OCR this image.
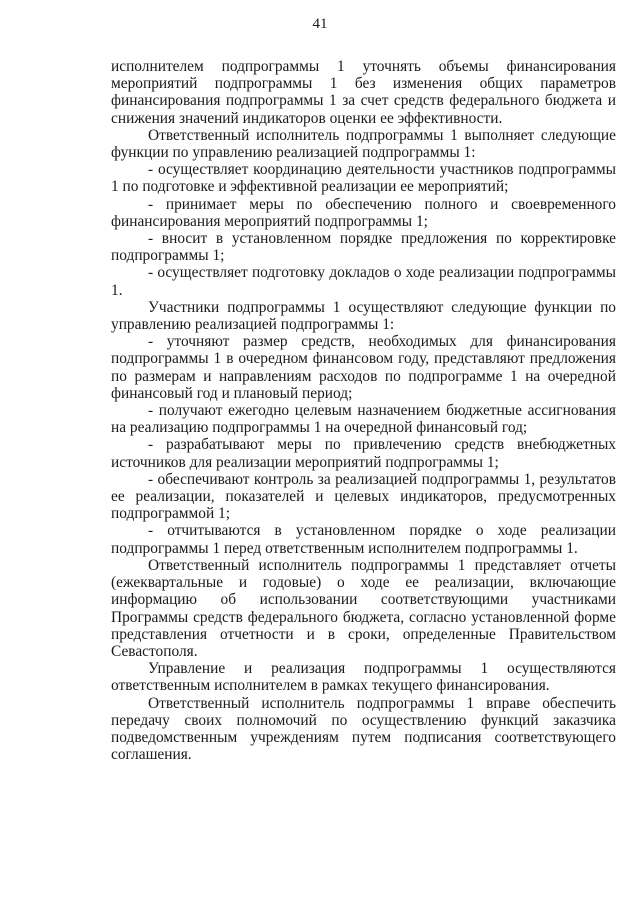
41

исполнителем подпрограммы 1 уточнять объемы финансирования мероприятий подпрограммы 1 без изменения общих параметров финансирования подпрограммы 1 за счет средств федерального бюджета и снижения значений индикаторов оценки ее эффективности.

Ответственный исполнитель подпрограммы 1 выполняет следующие функции по управлению реализацией подпрограммы 1:

- осуществляет координацию деятельности участников подпрограммы 1 по подготовке и эффективной реализации ее мероприятий;

- принимает меры по обеспечению полного и своевременного финансирования мероприятий подпрограммы 1;

- вносит в установленном порядке предложения по корректировке подпрограммы 1;

- осуществляет подготовку докладов о ходе реализации подпрограммы 1.

Участники подпрограммы 1 осуществляют следующие функции по управлению реализацией подпрограммы 1:

- уточняют размер средств, необходимых для финансирования подпрограммы 1 в очередном финансовом году, представляют предложения по размерам и направлениям расходов по подпрограмме 1 на очередной финансовый год и плановый период;

- получают ежегодно целевым назначением бюджетные ассигнования на реализацию подпрограммы 1 на очередной финансовый год;

- разрабатывают меры по привлечению средств внебюджетных источников для реализации мероприятий подпрограммы 1;

- обеспечивают контроль за реализацией подпрограммы 1, результатов ее реализации, показателей и целевых индикаторов, предусмотренных подпрограммой 1;

- отчитываются в установленном порядке о ходе реализации подпрограммы 1 перед ответственным исполнителем подпрограммы 1.

Ответственный исполнитель подпрограммы 1 представляет отчеты (ежеквартальные и годовые) о ходе ее реализации, включающие информацию об использовании соответствующими участниками Программы средств федерального бюджета, согласно установленной форме представления отчетности и в сроки, определенные Правительством Севастополя.

Управление и реализация подпрограммы 1 осуществляются ответственным исполнителем в рамках текущего финансирования.

Ответственный исполнитель подпрограммы 1 вправе обеспечить передачу своих полномочий по осуществлению функций заказчика подведомственным учреждениям путем подписания соответствующего соглашения.
